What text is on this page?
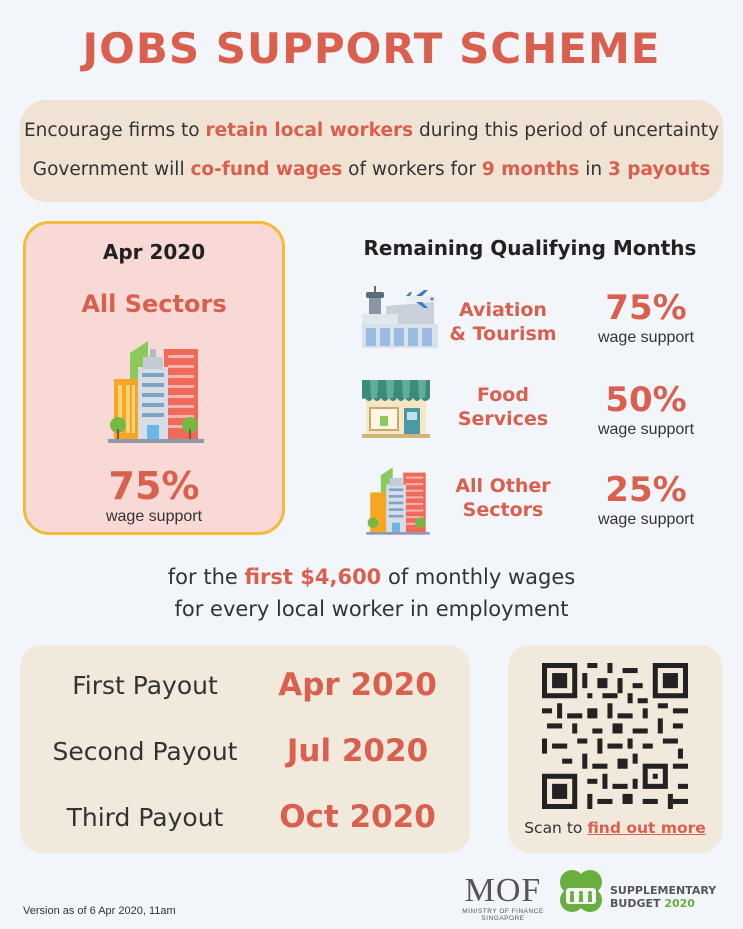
JOBS SUPPORT SCHEME
Encourage firms to retain local workers during this period of uncertainty
Government will co-fund wages of workers for 9 months in 3 payouts
Apr 2020
All Sectors
75%
wage support
Remaining Qualifying Months
Aviation
& Tourism
75%
wage support
Food
Services	50%
wage support
All Other
Sectors	25%
wage support
for the first $4,600 of monthly wages
for every local worker in employment
First Payout	Apr 2020
Second Payout	Jul 2020
Third Payout	Oct 2020	Scan to find out more
Version as of 6 Apr 2020, 11am
MOF
MINISTRY OF FINANCE
SINGAPORE
SUPPLEMENTARY
BUDGET 2020
